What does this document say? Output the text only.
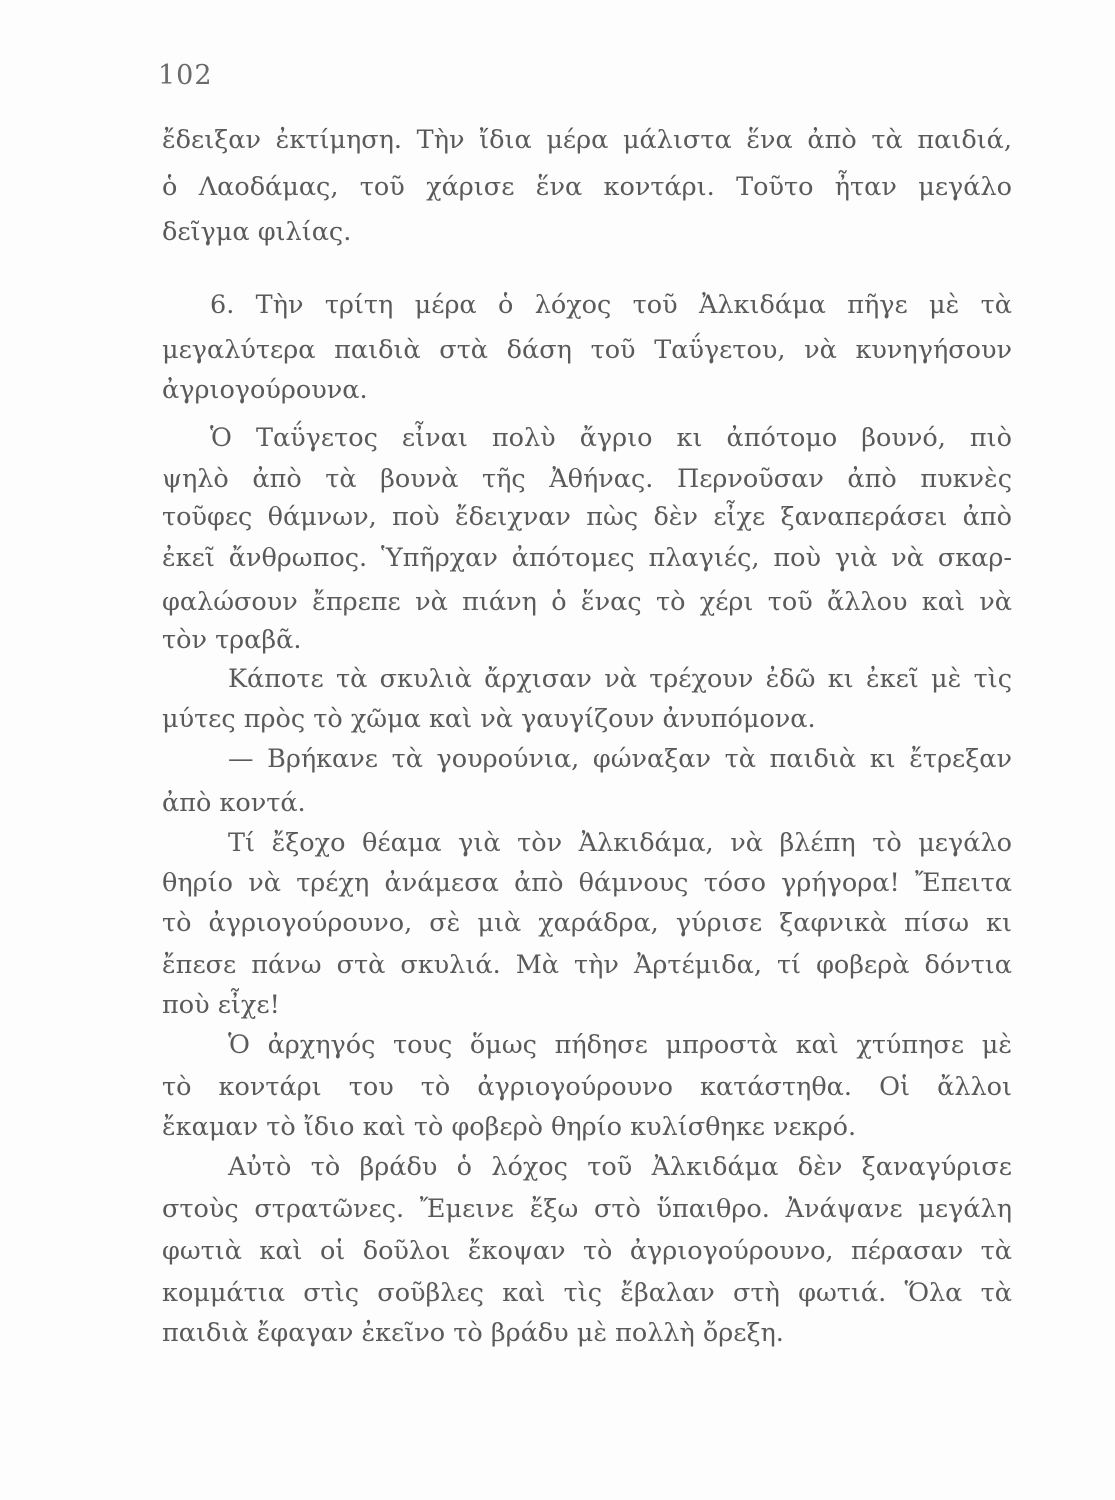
102
ἔδειξαν ἐκτίμηση. Τὴν ἴδια μέρα μάλιστα ἕνα ἀπὸ τὰ παιδιά,
ὁ Λαοδάμας, τοῦ χάρισε ἕνα κοντάρι. Τοῦτο ἦταν μεγάλο
δεῖγμα φιλίας.
6. Τὴν τρίτη μέρα ὁ λόχος τοῦ Ἀλκιδάμα πῆγε μὲ τὰ
μεγαλύτερα παιδιὰ στὰ δάση τοῦ Ταΰγετου, νὰ κυνηγήσουν
ἀγριογούρουνα.
Ὁ Ταΰγετος εἶναι πολὺ ἄγριο κι ἀπότομο βουνό, πιὸ
ψηλὸ ἀπὸ τὰ βουνὰ τῆς Ἀθήνας. Περνοῦσαν ἀπὸ πυκνὲς
τοῦφες θάμνων, ποὺ ἔδειχναν πὼς δὲν εἶχε ξαναπεράσει ἀπὸ
ἐκεῖ ἄνθρωπος. Ὑπῆρχαν ἀπότομες πλαγιές, ποὺ γιὰ νὰ σκαρ-
φαλώσουν ἔπρεπε νὰ πιάνη ὁ ἕνας τὸ χέρι τοῦ ἄλλου καὶ νὰ
τὸν τραβᾶ.
Κάποτε τὰ σκυλιὰ ἄρχισαν νὰ τρέχουν ἐδῶ κι ἐκεῖ μὲ τὶς
μύτες πρὸς τὸ χῶμα καὶ νὰ γαυγίζουν ἀνυπόμονα.
— Βρήκανε τὰ γουρούνια, φώναξαν τὰ παιδιὰ κι ἔτρεξαν
ἀπὸ κοντά.
Τί ἔξοχο θέαμα γιὰ τὸν Ἀλκιδάμα, νὰ βλέπη τὸ μεγάλο
θηρίο νὰ τρέχη ἀνάμεσα ἀπὸ θάμνους τόσο γρήγορα! Ἔπειτα
τὸ ἀγριογούρουνο, σὲ μιὰ χαράδρα, γύρισε ξαφνικὰ πίσω κι
ἔπεσε πάνω στὰ σκυλιά. Μὰ τὴν Ἀρτέμιδα, τί φοβερὰ δόντια
ποὺ εἶχε!
Ὁ ἀρχηγός τους ὅμως πήδησε μπροστὰ καὶ χτύπησε μὲ
τὸ κοντάρι του τὸ ἀγριογούρουνο κατάστηθα. Οἱ ἄλλοι
ἔκαμαν τὸ ἴδιο καὶ τὸ φοβερὸ θηρίο κυλίσθηκε νεκρό.
Αὐτὸ τὸ βράδυ ὁ λόχος τοῦ Ἀλκιδάμα δὲν ξαναγύρισε
στοὺς στρατῶνες. Ἔμεινε ἔξω στὸ ὕπαιθρο. Ἀνάψανε μεγάλη
φωτιὰ καὶ οἱ δοῦλοι ἔκοψαν τὸ ἀγριογούρουνο, πέρασαν τὰ
κομμάτια στὶς σοῦβλες καὶ τὶς ἔβαλαν στὴ φωτιά. Ὅλα τὰ
παιδιὰ ἔφαγαν ἐκεῖνο τὸ βράδυ μὲ πολλὴ ὄρεξη.
